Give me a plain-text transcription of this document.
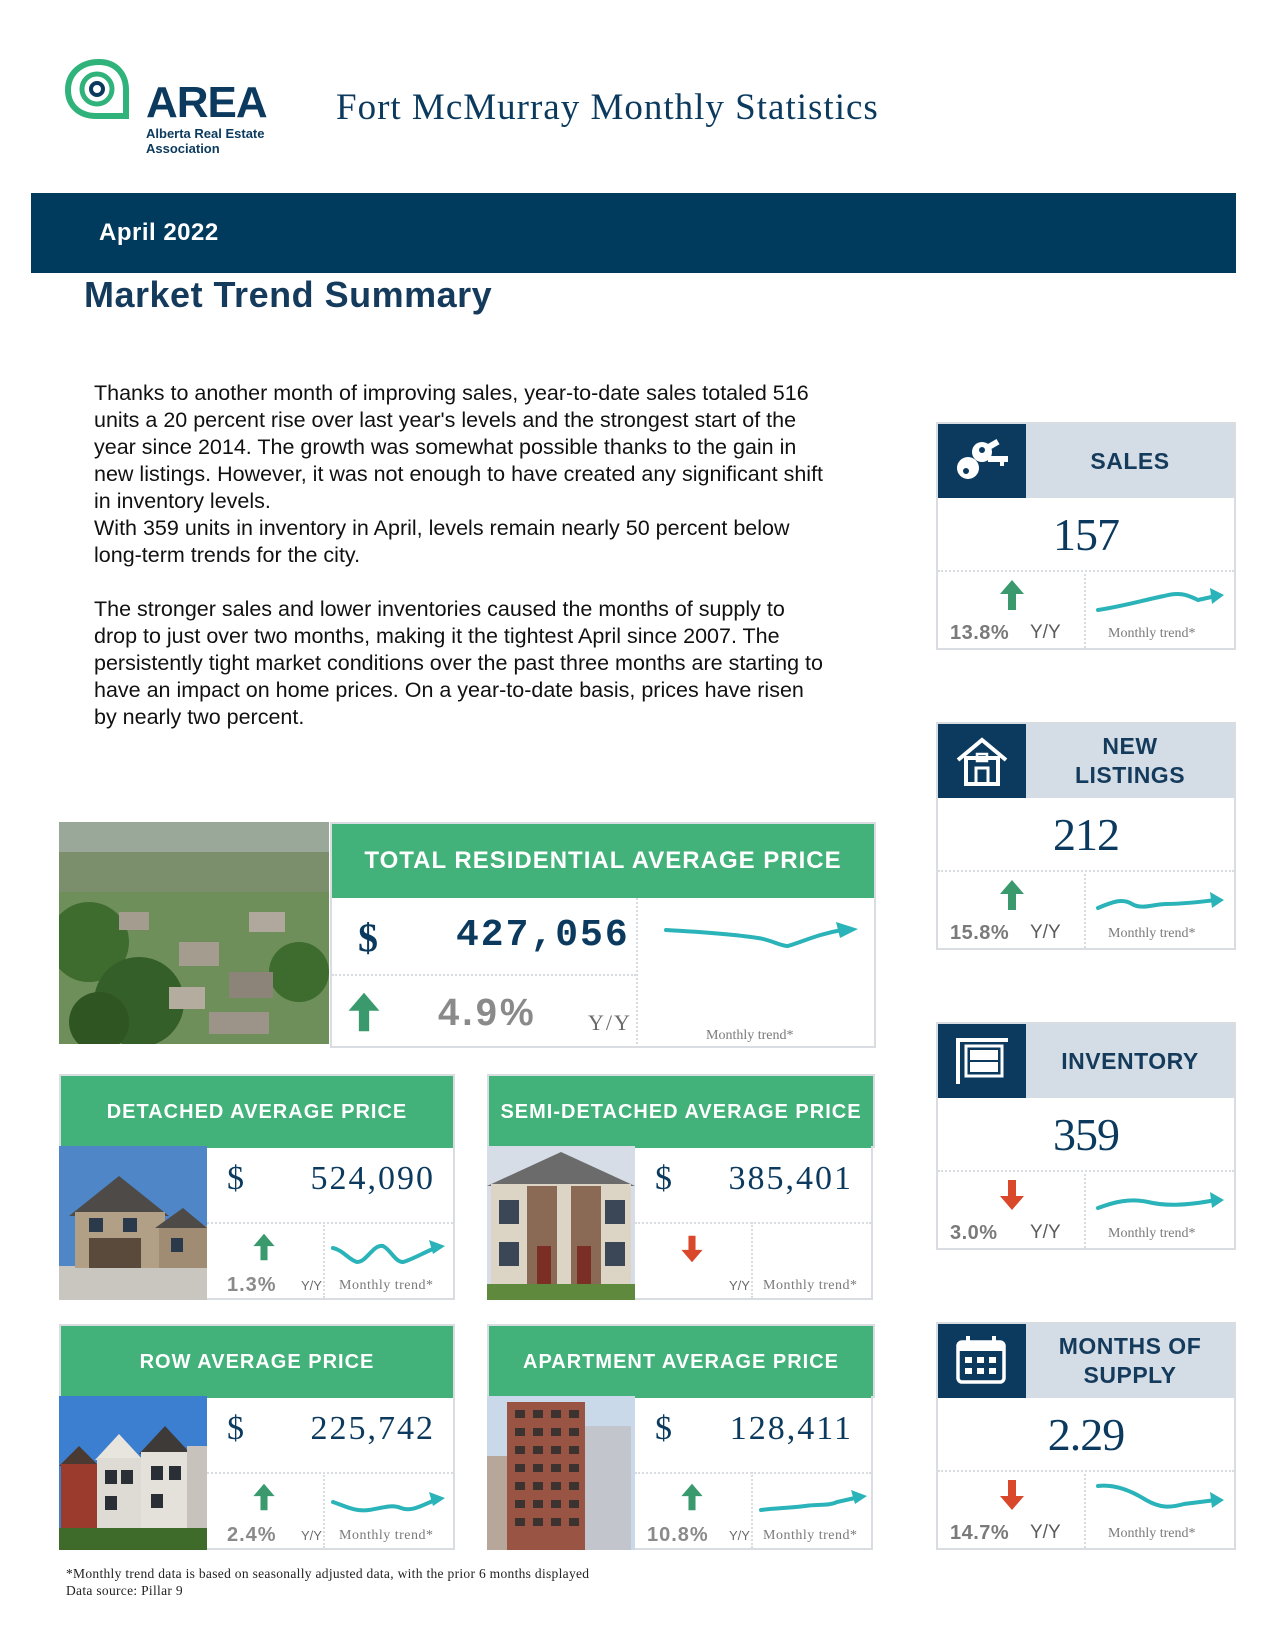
AREA
Alberta Real Estate
Association
Fort McMurray Monthly Statistics
April 2022
Market Trend Summary

Thanks to another month of improving sales, year-to-date sales totaled 516 units a 20 percent rise over last year's levels and the strongest start of the year since 2014. The growth was somewhat possible thanks to the gain in new listings. However, it was not enough to have created any significant shift in inventory levels.

With 359 units in inventory in April, levels remain nearly 50 percent below long-term trends for the city.

The stronger sales and lower inventories caused the months of supply to drop to just over two months, making it the tightest April since 2007. The persistently tight market conditions over the past three months are starting to have an impact on home prices. On a year-to-date basis, prices have risen by nearly two percent.

SALES
157
13.8% Y/Y	Monthly trend*
NEW
LISTINGS
212
15.8% Y/Y	Monthly trend*
INVENTORY
359
3.0% Y/Y	Monthly trend*
MONTHS OF
SUPPLY
2.29
14.7% Y/Y	Monthly trend*
TOTAL RESIDENTIAL AVERAGE PRICE
$ 427,056
4.9% Y/Y
Monthly trend*
DETACHED AVERAGE PRICE
$ 524,090
1.3% Y/Y Monthly trend*
SEMI-DETACHED AVERAGE PRICE
$ 385,401
Y/Y Monthly trend*
ROW AVERAGE PRICE
$ 225,742
2.4% Y/Y Monthly trend*
APARTMENT AVERAGE PRICE
$ 128,411
10.8% Y/Y Monthly trend*
*Monthly trend data is based on seasonally adjusted data, with the prior 6 months displayed
Data source: Pillar 9
